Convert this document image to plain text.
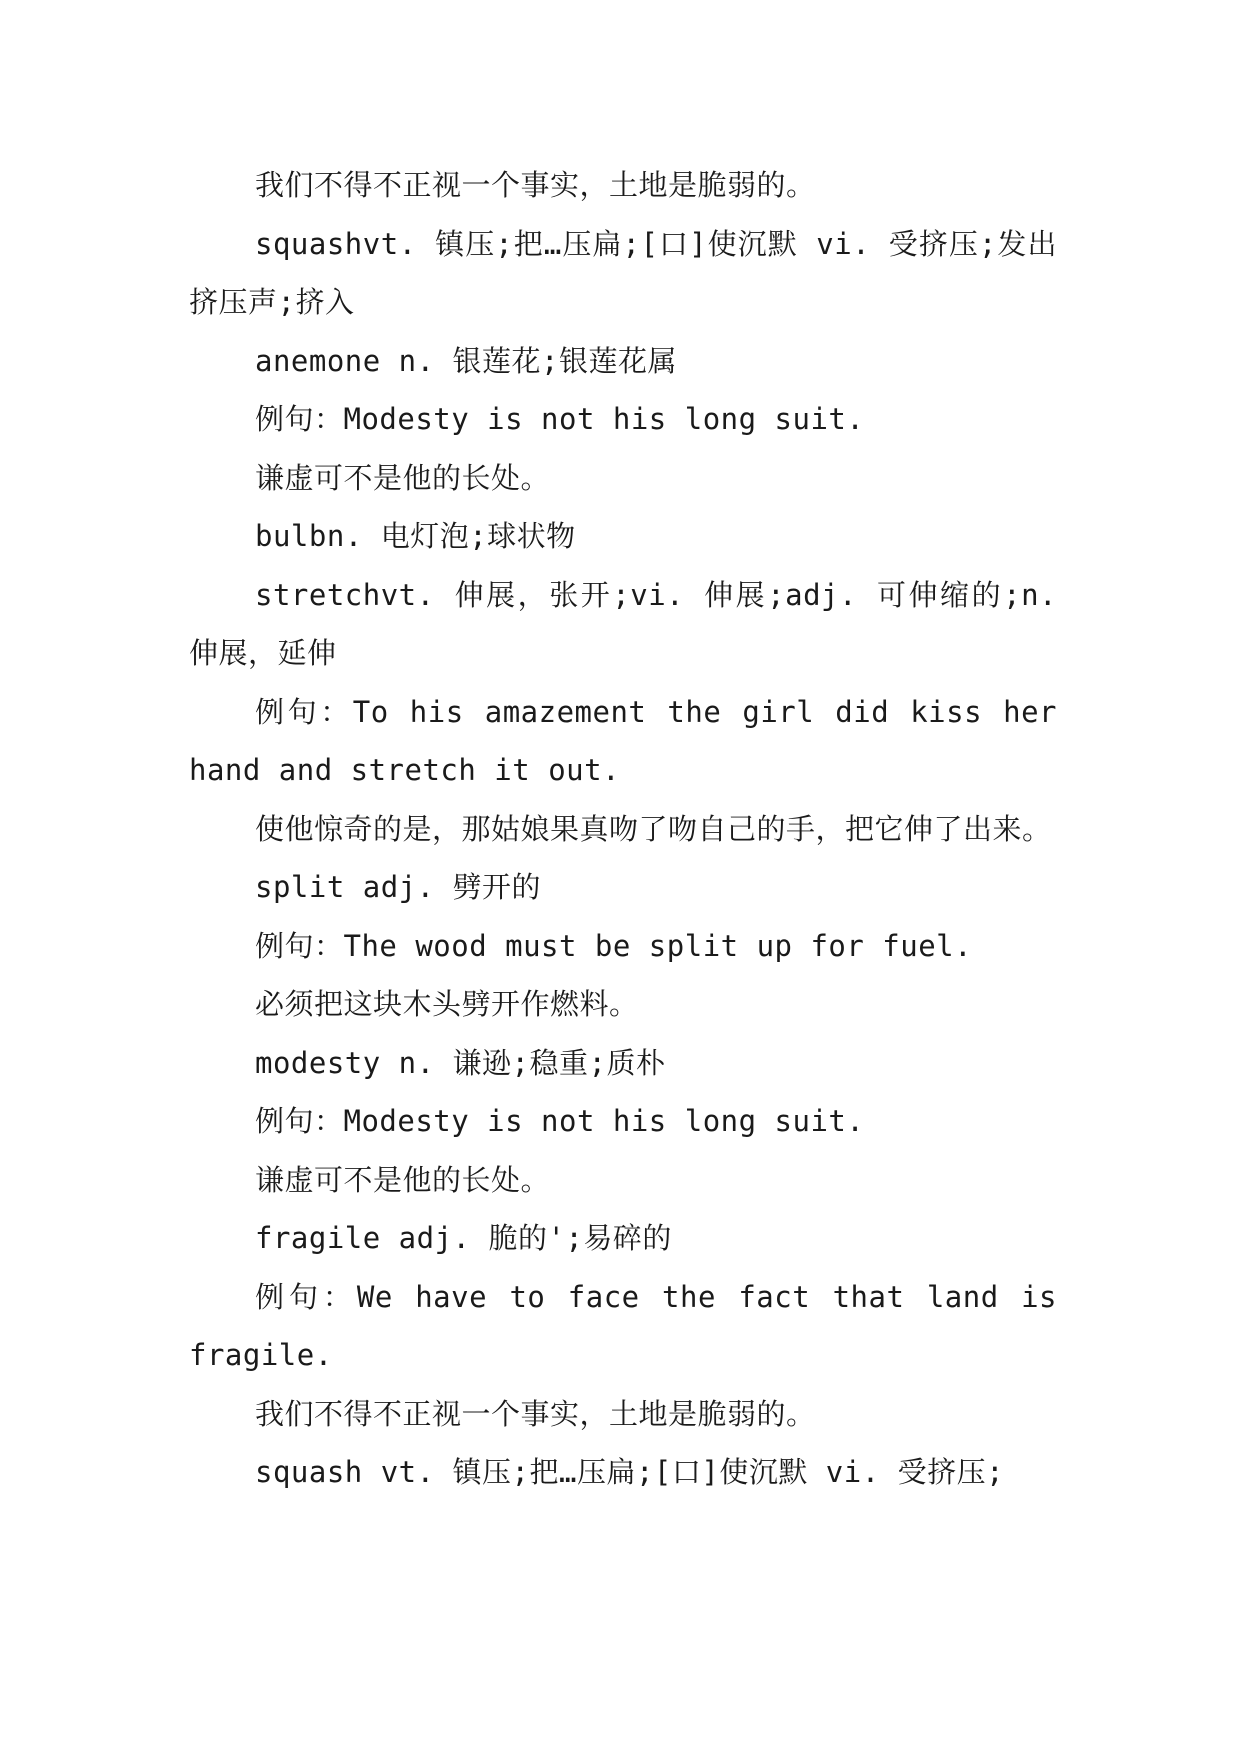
我们不得不正视一个事实，土地是脆弱的。

squashvt. 镇压;把…压扁;[口]使沉默 vi. 受挤压;发出挤压声;挤入

anemone n. 银莲花;银莲花属

例句：Modesty is not his long suit.

谦虚可不是他的长处。

bulbn. 电灯泡;球状物

stretchvt. 伸展，张开;vi. 伸展;adj. 可伸缩的;n. 伸展，延伸

例句：To his amazement the girl did kiss her hand and stretch it out.

使他惊奇的是，那姑娘果真吻了吻自己的手，把它伸了出来。

split adj. 劈开的

例句：The wood must be split up for fuel.

必须把这块木头劈开作燃料。

modesty n. 谦逊;稳重;质朴

例句：Modesty is not his long suit.

谦虚可不是他的长处。

fragile adj. 脆的';易碎的

例句：We have to face the fact that land is fragile.

我们不得不正视一个事实，土地是脆弱的。

squash vt. 镇压;把…压扁;[口]使沉默 vi. 受挤压;
